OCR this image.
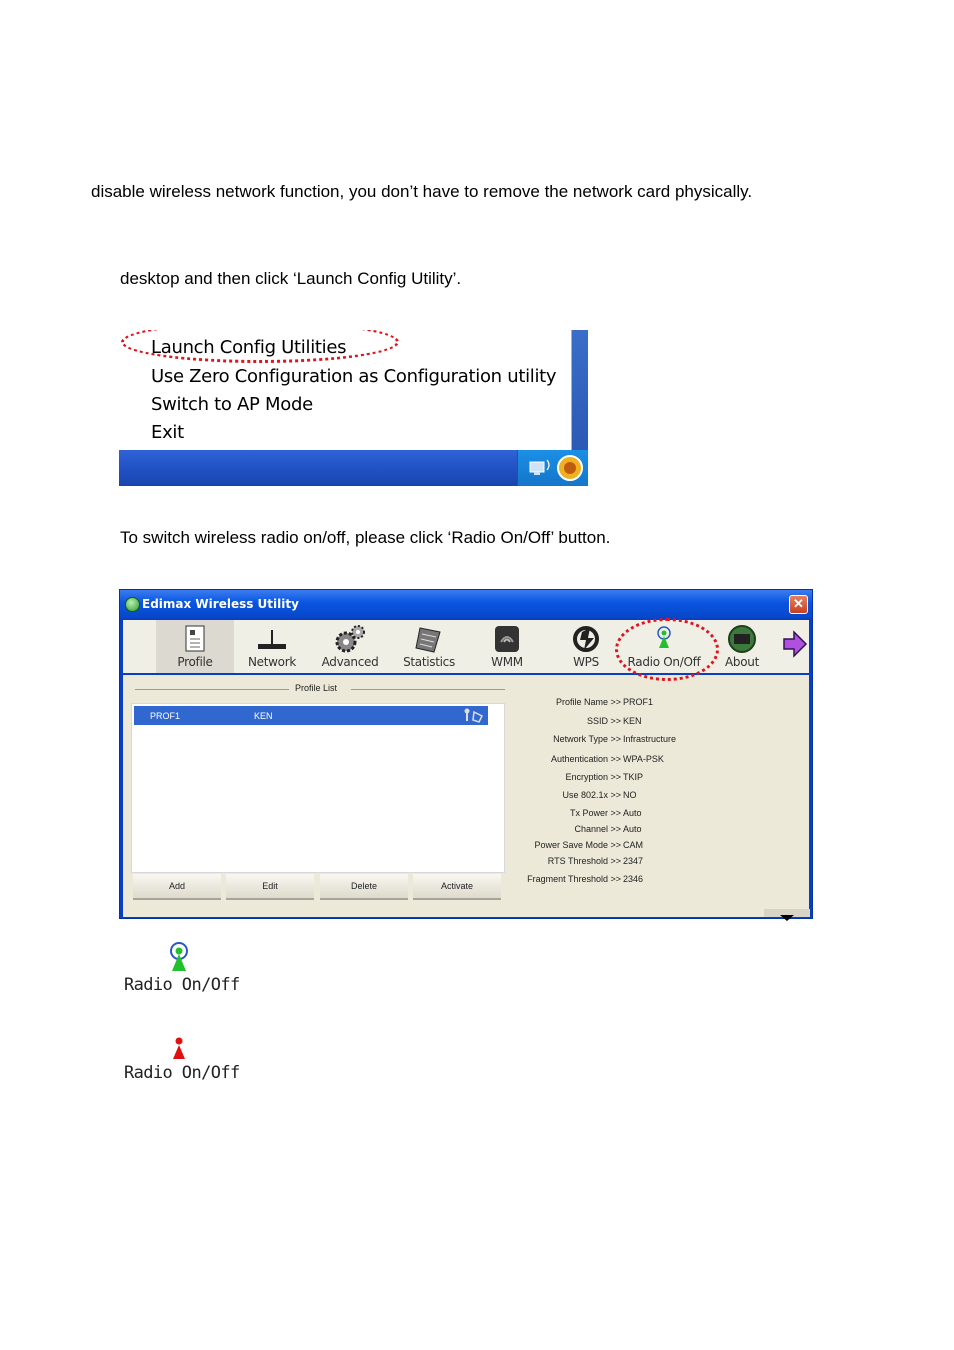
disable wireless network function, you don’t have to remove the network card physically.
desktop and then click ‘Launch Config Utility’.
Launch Config Utilities
Use Zero Configuration as Configuration utility
Switch to AP Mode
Exit
To switch wireless radio on/off, please click ‘Radio On/Off’ button.
Edimax Wireless Utility	✕
Profile	Network	Advanced	Statistics	WMM	WPS	Radio On/Off	About
Profile List
PROF1	KEN
Add	Edit	Delete	Activate
Profile Name >> PROF1
SSID >> KEN
Network Type >> Infrastructure
Authentication >> WPA-PSK
Encryption >> TKIP
Use 802.1x >> NO
Tx Power >> Auto
Channel >> Auto
Power Save Mode >> CAM
RTS Threshold >> 2347
Fragment Threshold >> 2346
Radio On/Off
Radio On/Off
